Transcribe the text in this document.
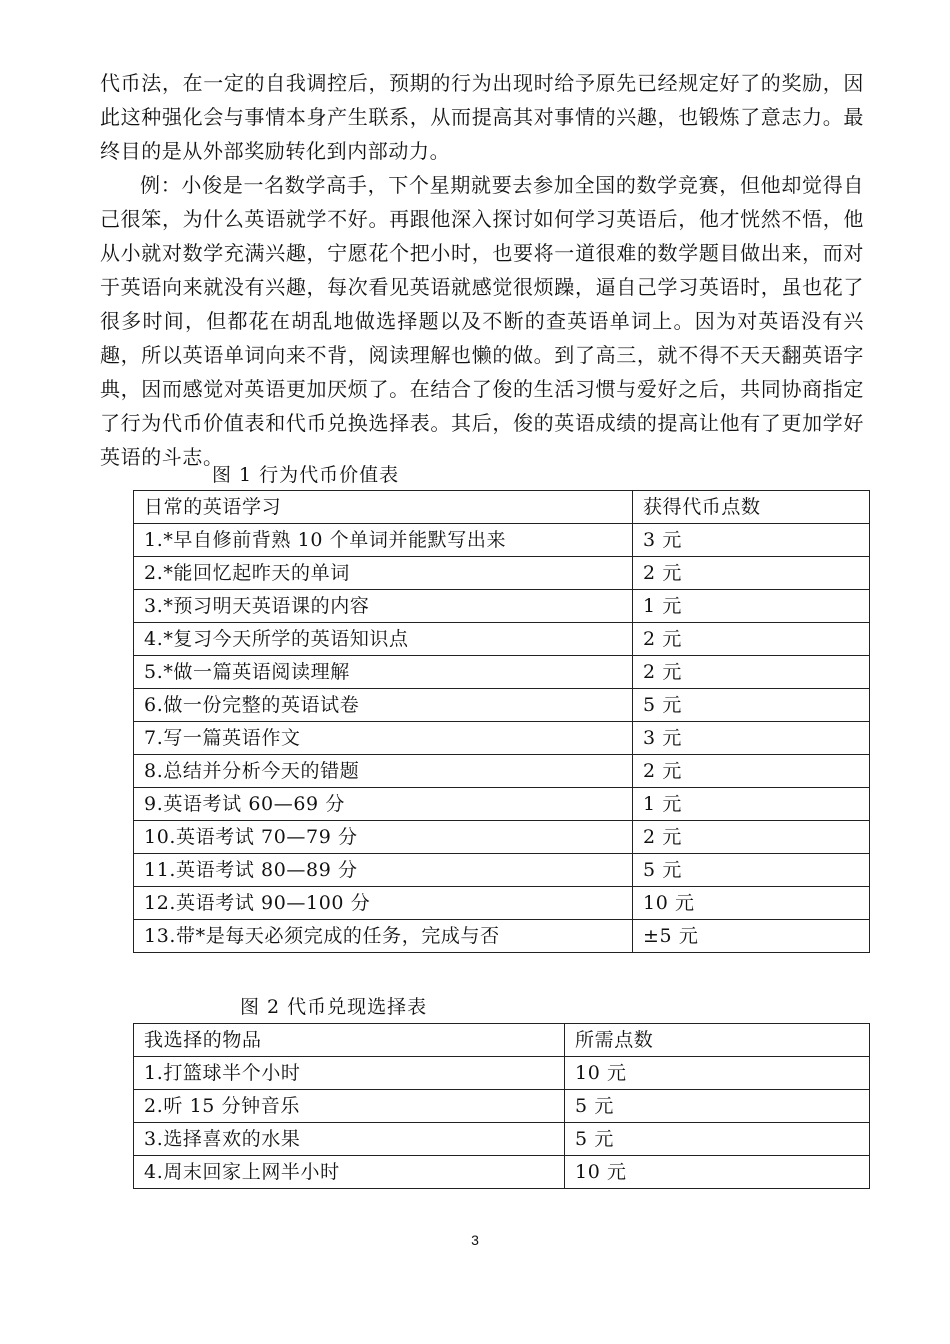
代币法，在一定的自我调控后，预期的行为出现时给予原先已经规定好了的奖励，因此这种强化会与事情本身产生联系，从而提高其对事情的兴趣，也锻炼了意志力。最终目的是从外部奖励转化到内部动力。

例：小俊是一名数学高手，下个星期就要去参加全国的数学竞赛，但他却觉得自己很笨，为什么英语就学不好。再跟他深入探讨如何学习英语后，他才恍然不悟，他从小就对数学充满兴趣，宁愿花个把小时，也要将一道很难的数学题目做出来，而对于英语向来就没有兴趣，每次看见英语就感觉很烦躁，逼自己学习英语时，虽也花了很多时间，但都花在胡乱地做选择题以及不断的查英语单词上。因为对英语没有兴趣，所以英语单词向来不背，阅读理解也懒的做。到了高三，就不得不天天翻英语字典，因而感觉对英语更加厌烦了。在结合了俊的生活习惯与爱好之后，共同协商指定了行为代币价值表和代币兑换选择表。其后，俊的英语成绩的提高让他有了更加学好英语的斗志。

图 1 行为代币价值表

日常的英语学习	获得代币点数
1.*早自修前背熟 10 个单词并能默写出来	3 元
2.*能回忆起昨天的单词	2 元
3.*预习明天英语课的内容	1 元
4.*复习今天所学的英语知识点	2 元
5.*做一篇英语阅读理解	2 元
6.做一份完整的英语试卷	5 元
7.写一篇英语作文	3 元
8.总结并分析今天的错题	2 元
9.英语考试 60—69 分	1 元
10.英语考试 70—79 分	2 元
11.英语考试 80—89 分	5 元
12.英语考试 90—100 分	10 元
13.带*是每天必须完成的任务，完成与否	±5 元

图 2 代币兑现选择表

我选择的物品	所需点数
1.打篮球半个小时	10 元
2.听 15 分钟音乐	5 元
3.选择喜欢的水果	5 元
4.周末回家上网半小时	10 元
3
